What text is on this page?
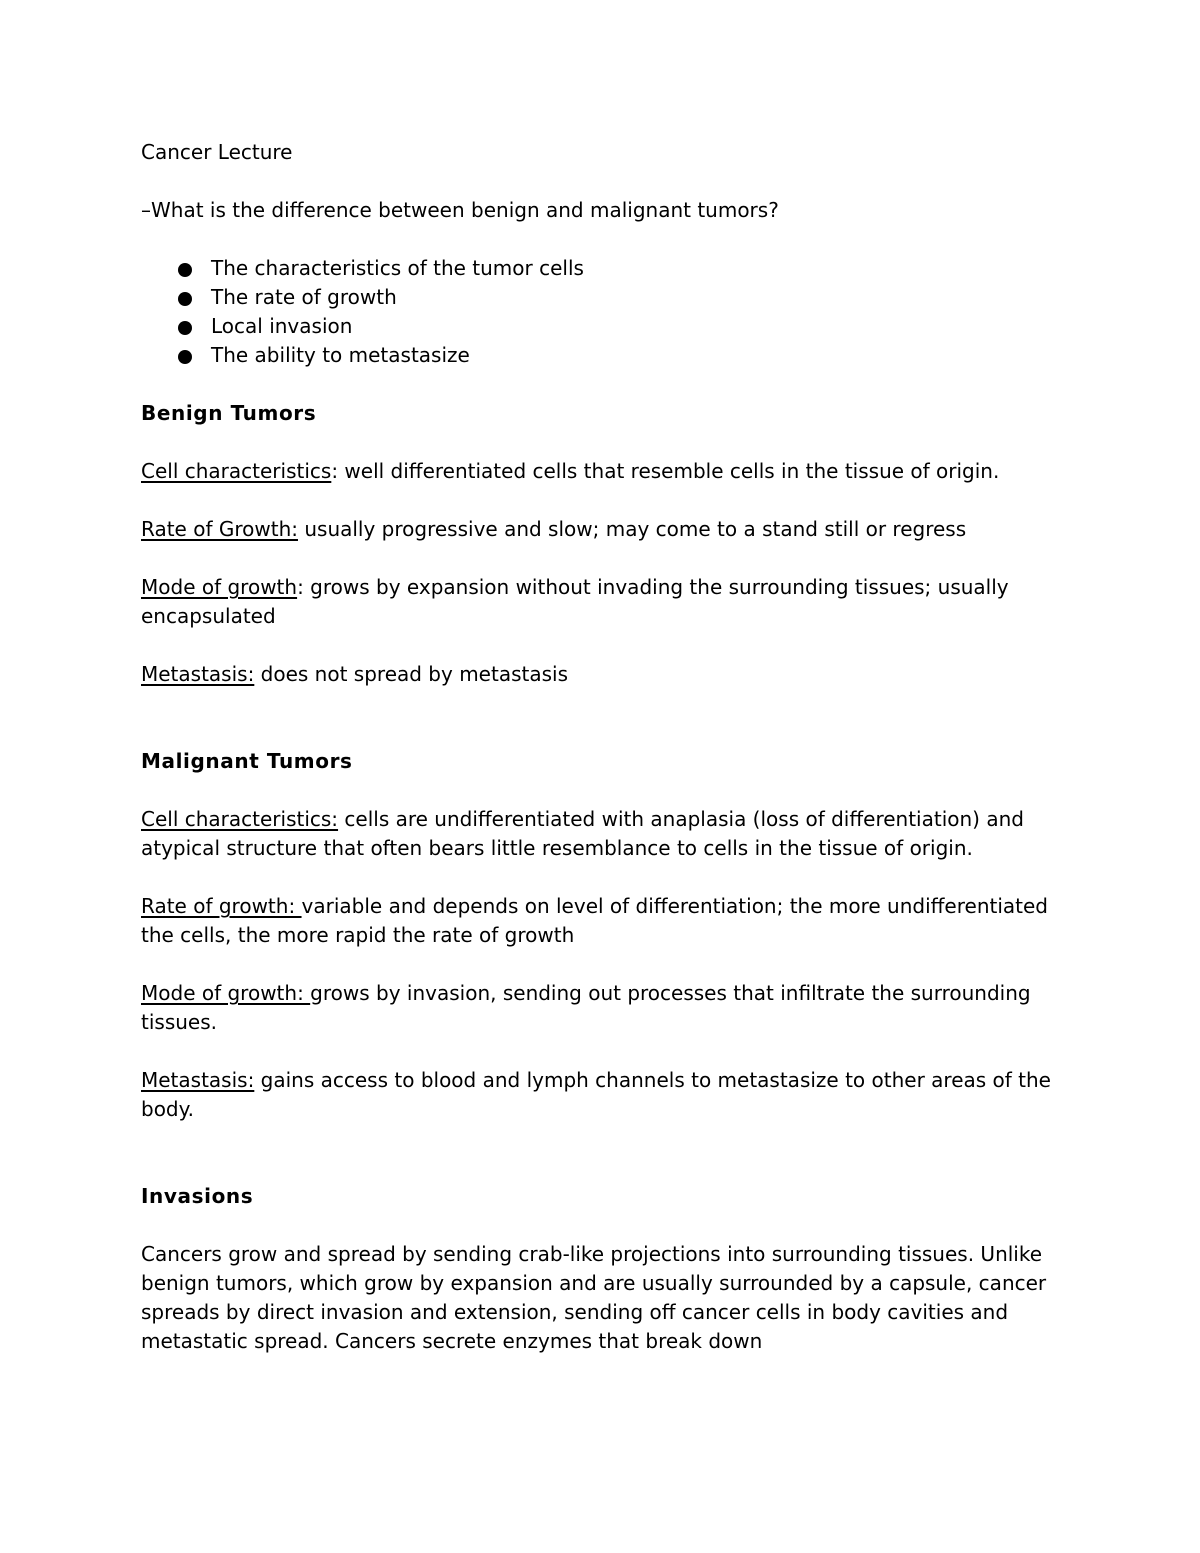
Cancer Lecture

–What is the difference between benign and malignant tumors?

The characteristics of the tumor cells
The rate of growth
Local invasion
The ability to metastasize

Benign Tumors

Cell characteristics: well differentiated cells that resemble cells in the tissue of origin.

Rate of Growth: usually progressive and slow; may come to a stand still or regress

Mode of growth: grows by expansion without invading the surrounding tissues; usually encapsulated

Metastasis: does not spread by metastasis

Malignant Tumors

Cell characteristics: cells are undifferentiated with anaplasia (loss of differentiation) and atypical structure that often bears little resemblance to cells in the tissue of origin.

Rate of growth: variable and depends on level of differentiation; the more undifferentiated the cells, the more rapid the rate of growth

Mode of growth: grows by invasion, sending out processes that infiltrate the surrounding tissues.

Metastasis: gains access to blood and lymph channels to metastasize to other areas of the body.

Invasions

Cancers grow and spread by sending crab-like projections into surrounding tissues. Unlike benign tumors, which grow by expansion and are usually surrounded by a capsule, cancer spreads by direct invasion and extension, sending off cancer cells in body cavities and metastatic spread. Cancers secrete enzymes that break down
